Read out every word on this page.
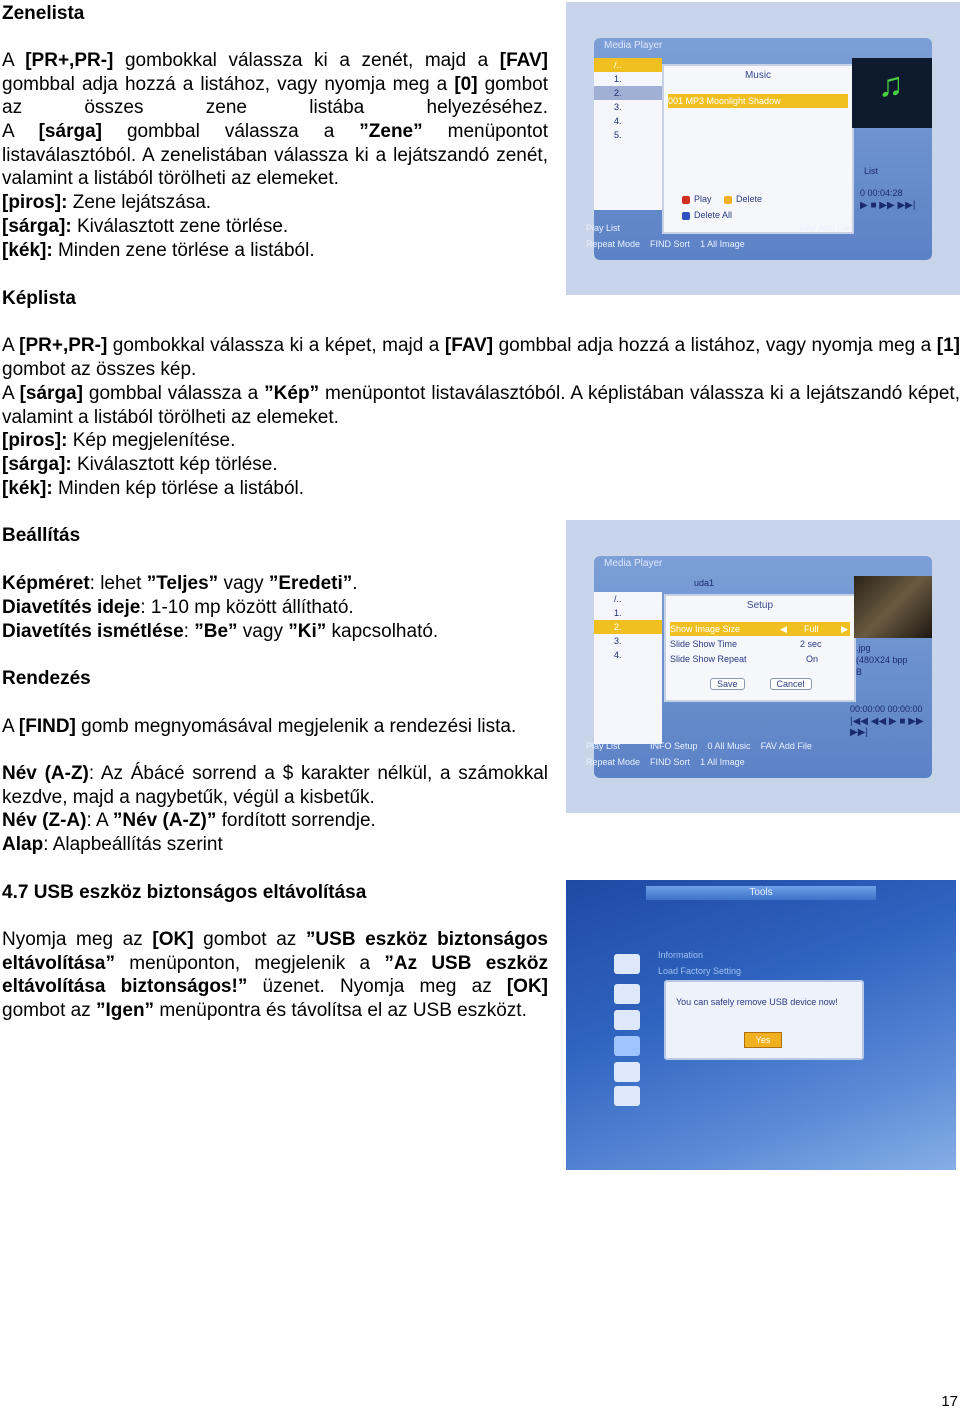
Zenelista
A [PR+,PR-] gombokkal válassza ki a zenét, majd a [FAV] gombbal adja hozzá a listához, vagy nyomja meg a [0] gombot az összes zene listába helyezéséhez.
A [sárga] gombbal válassza a ”Zene” menüpontot listaválasztóból. A zenelistában válassza ki a lejátszandó zenét, valamint a listából törölheti az elemeket.
[piros]: Zene lejátszása.
[sárga]: Kiválasztott zene törlése.
[kék]: Minden zene törlése a listából.
Media Player
/..
1.
2.
3.
4.
5.
Music
001 MP3 Moonlight Shadow
Play	Delete
Delete All
♫
List
0 00:04:28
▶ ■ ▶▶ ▶▶|
Play List	FAV Add File
Repeat Mode FIND Sort 1 All Image
Képlista
A [PR+,PR-] gombokkal válassza ki a képet, majd a [FAV] gombbal adja hozzá a listához, vagy nyomja meg a [1] gombot az összes kép.
A [sárga] gombbal válassza a ”Kép” menüpontot listaválasztóból. A képlistában válassza ki a lejátszandó képet, valamint a listából törölheti az elemeket.
[piros]: Kép megjelenítése.
[sárga]: Kiválasztott kép törlése.
[kék]: Minden kép törlése a listából.
Beállítás
Képméret: lehet ”Teljes” vagy ”Eredeti”.
Diavetítés ideje: 1-10 mp között állítható.
Diavetítés ismétlése: ”Be” vagy ”Ki” kapcsolható.
Media Player
uda1
/..
1.
2.
3.
4.
Setup
Show Image Size	◀ Full	▶
Slide Show Time	2 sec
Slide Show Repeat	On
Save	Cancel
.jpg
(480X24 bpp
B
00:00:00 00:00:00
|◀◀ ◀◀ ▶ ■ ▶▶ ▶▶|
Play List	INFO Setup 0 All Music FAV Add File
Repeat Mode FIND Sort 1 All Image
Rendezés
A [FIND] gomb megnyomásával megjelenik a rendezési lista.
Név (A-Z): Az Ábácé sorrend a $ karakter nélkül, a számokkal kezdve, majd a nagybetűk, végül a kisbetűk.
Név (Z-A): A ”Név (A-Z)” fordított sorrendje.
Alap: Alapbeállítás szerint
4.7 USB eszköz biztonságos eltávolítása
Nyomja meg az [OK] gombot az ”USB eszköz biztonságos eltávolítása” menüponton, megjelenik a ”Az USB eszköz eltávolítása biztonságos!” üzenet. Nyomja meg az [OK] gombot az ”Igen” menüpontra és távolítsa el az USB eszközt.
Tools
Information
Load Factory Setting
You can safely remove USB device now!
Yes
17
